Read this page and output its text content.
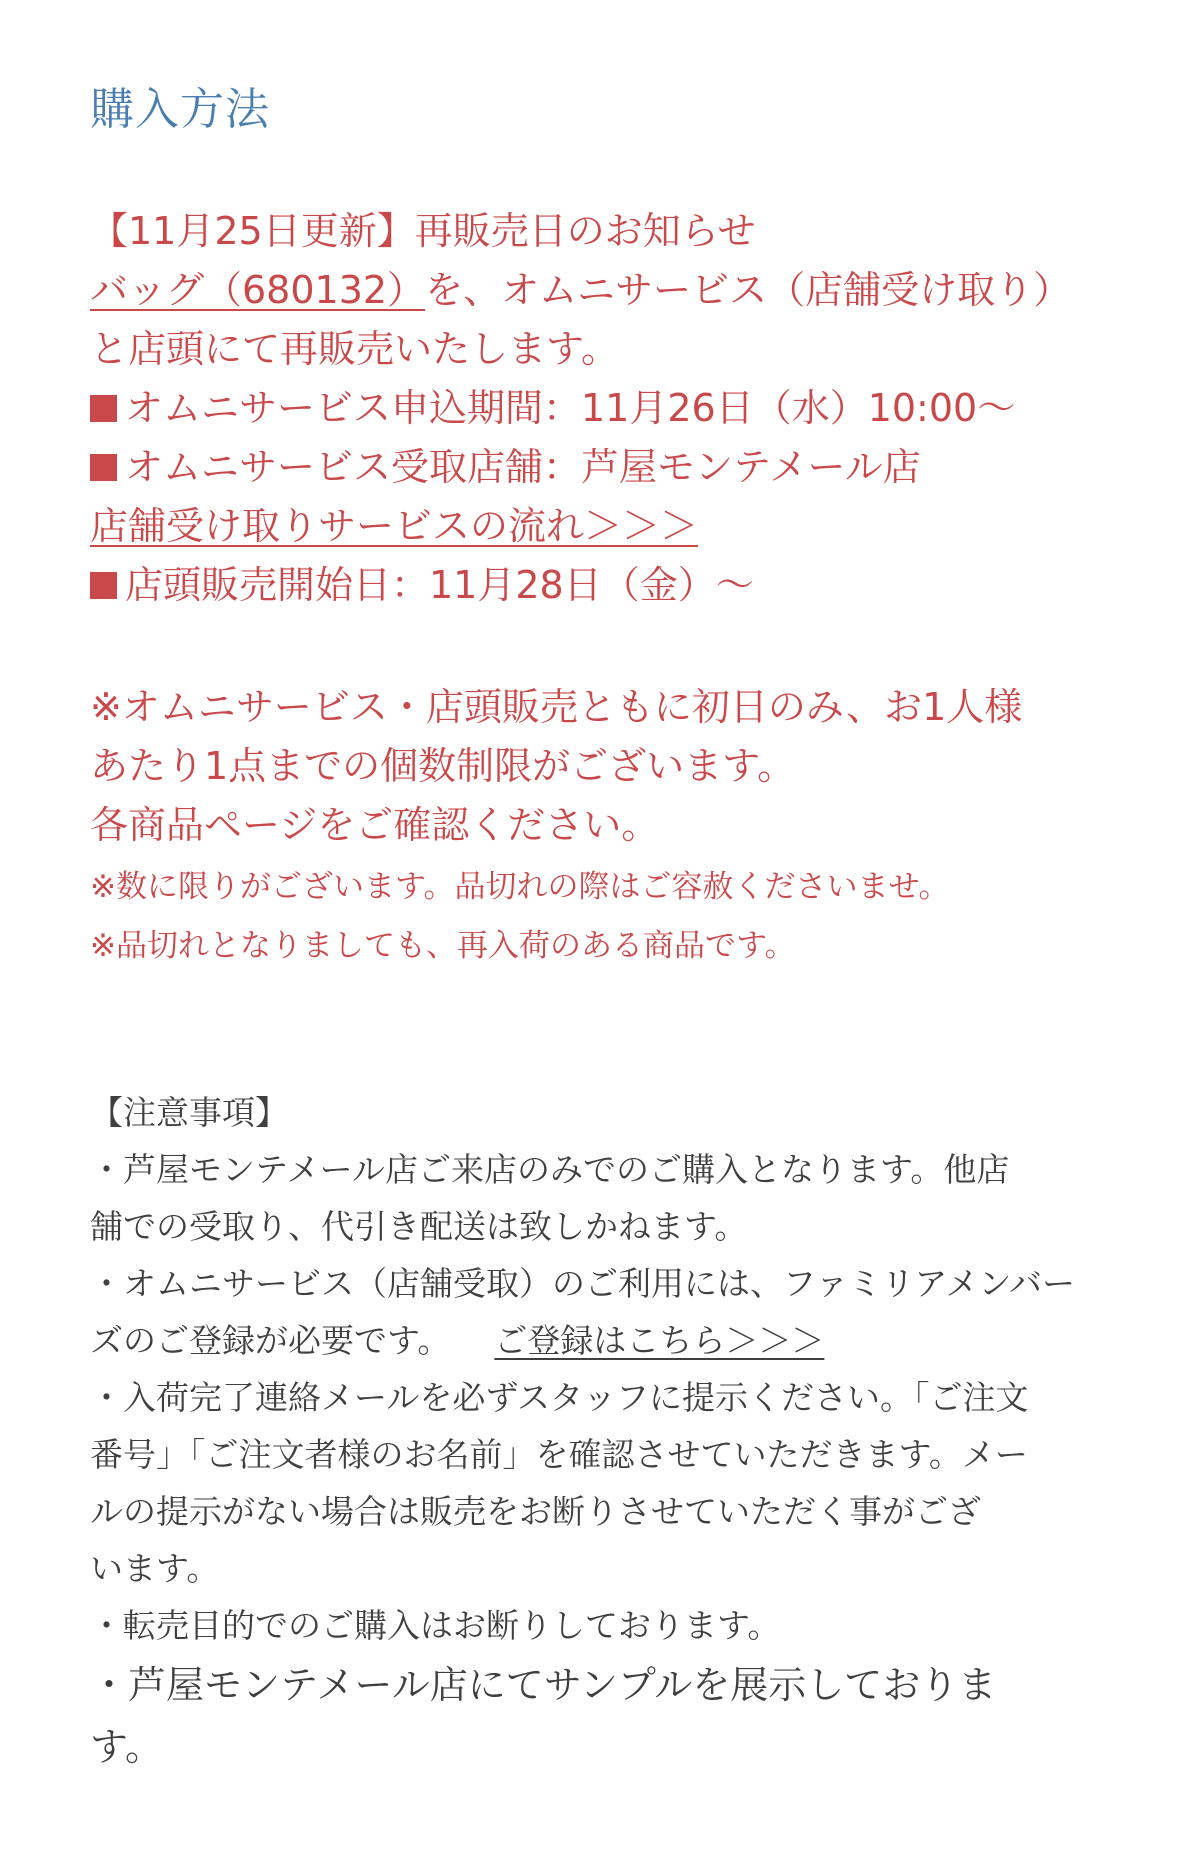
購入方法
【11月25日更新】再販売日のお知らせ
バッグ（680132）を、オムニサービス（店舗受け取り）
と店頭にて再販売いたします。
オムニサービス申込期間：11月26日（水）10:00～
オムニサービス受取店舗：芦屋モンテメール店
店舗受け取りサービスの流れ＞＞＞
店頭販売開始日：11月28日（金）～
※オムニサービス・店頭販売ともに初日のみ、お1人様
あたり1点までの個数制限がございます。
各商品ページをご確認ください。
※数に限りがございます。品切れの際はご容赦くださいませ。
※品切れとなりましても、再入荷のある商品です。
【注意事項】
・芦屋モンテメール店ご来店のみでのご購入となります。他店
舗での受取り、代引き配送は致しかねます。
・オムニサービス（店舗受取）のご利用には、ファミリアメンバー
ズのご登録が必要です。 ご登録はこちら＞＞＞
・入荷完了連絡メールを必ずスタッフに提示ください。「ご注文
番号」「ご注文者様のお名前」を確認させていただきます。メー
ルの提示がない場合は販売をお断りさせていただく事がござ
います。
・転売目的でのご購入はお断りしております。
・芦屋モンテメール店にてサンプルを展示しておりま
す。
